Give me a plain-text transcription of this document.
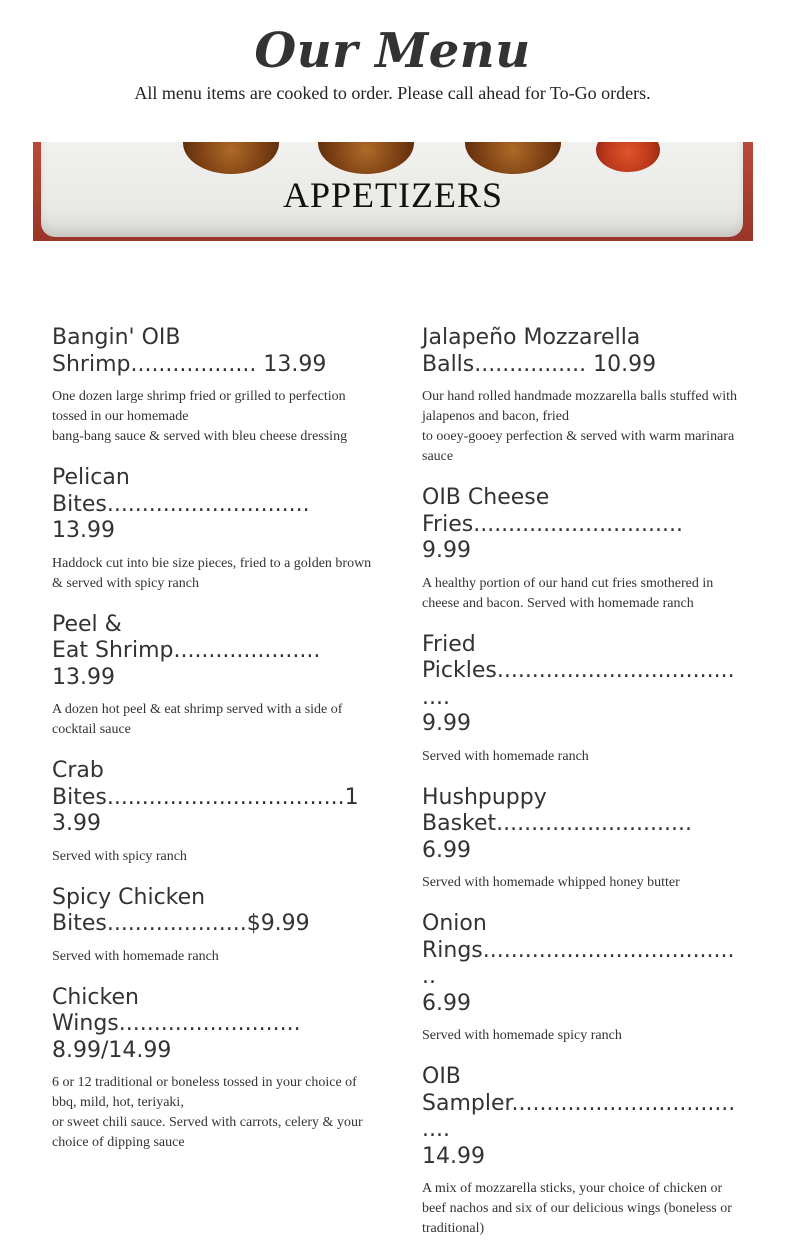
Our Menu
All menu items are cooked to order. Please call ahead for To-Go orders.
APPETIZERS
Bangin' OIB
Shrimp.................. 13.99
One dozen large shrimp fried or grilled to perfection tossed in our homemade
bang-bang sauce & served with bleu cheese dressing
Pelican Bites.............................
13.99
Haddock cut into bie size pieces, fried to a golden brown & served with spicy ranch
Peel &
Eat Shrimp..................... 13.99
A dozen hot peel & eat shrimp served with a side of cocktail sauce
Crab
Bites..................................13.99
Served with spicy ranch
Spicy Chicken
Bites....................$9.99
Served with homemade ranch
Chicken Wings..........................
8.99/14.99
6 or 12 traditional or boneless tossed in your choice of bbq, mild, hot, teriyaki,
or sweet chili sauce. Served with carrots, celery & your choice of dipping sauce
Jalapeño Mozzarella
Balls................ 10.99
Our hand rolled handmade mozzarella balls stuffed with jalapenos and bacon, fried
to ooey-gooey perfection & served with warm marinara sauce
OIB Cheese
Fries.............................. 9.99
A healthy portion of our hand cut fries smothered in cheese and bacon. Served with homemade ranch
Fried
Pickles......................................
9.99
Served with homemade ranch
Hushpuppy
Basket............................ 6.99
Served with homemade whipped honey butter
Onion
Rings......................................
6.99
Served with homemade spicy ranch
OIB
Sampler....................................
14.99
A mix of mozzarella sticks, your choice of chicken or beef nachos and six of our delicious wings (boneless or traditional)
